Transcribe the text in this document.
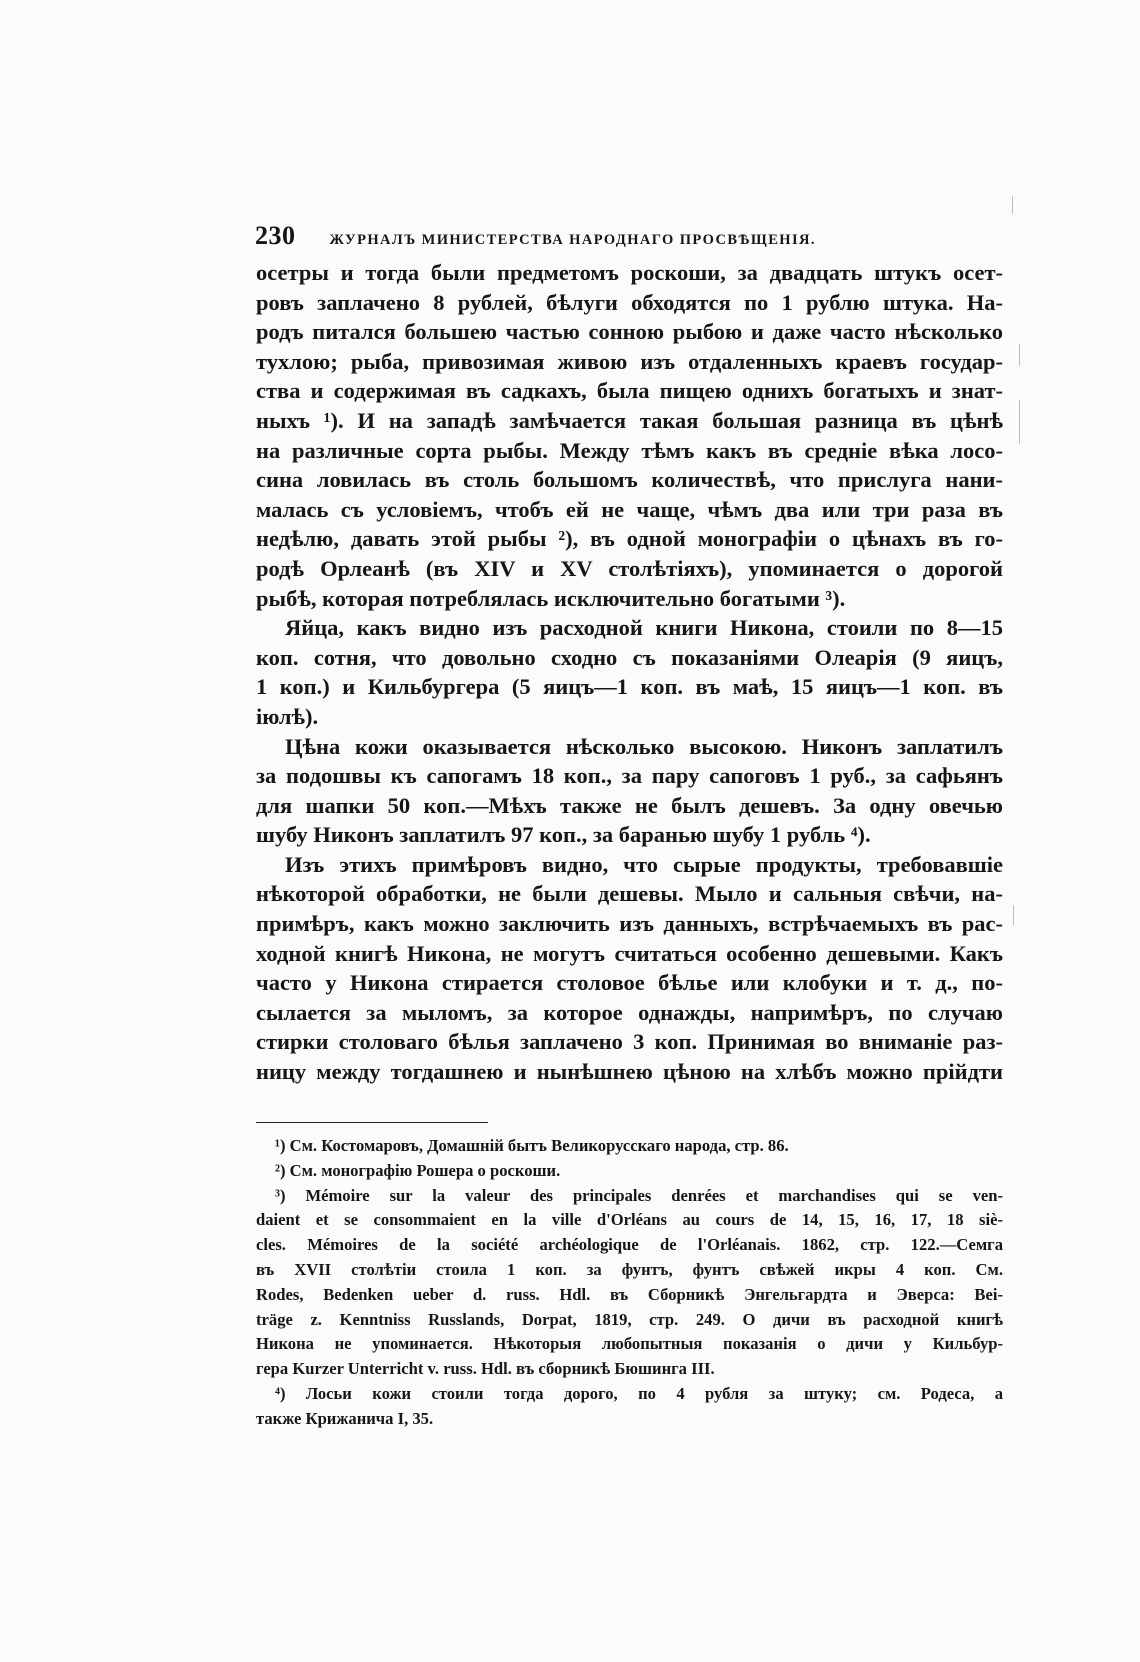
230 ЖУРНАЛЪ МИНИСТЕРСТВА НАРОДНАГО ПРОСВѢЩЕНІЯ.
осетры и тогда были предметомъ роскоши, за двадцать штукъ осет-
ровъ заплачено 8 рублей, бѣлуги обходятся по 1 рублю штука. На-
родъ питался большею частью сонною рыбою и даже часто нѣсколько
тухлою; рыба, привозимая живою изъ отдаленныхъ краевъ государ-
ства и содержимая въ садкахъ, была пищею однихъ богатыхъ и знат-
ныхъ ¹). И на западѣ замѣчается такая большая разница въ цѣнѣ
на различные сорта рыбы. Между тѣмъ какъ въ средніе вѣка лосо-
сина ловилась въ столь большомъ количествѣ, что прислуга нани-
малась съ условіемъ, чтобъ ей не чаще, чѣмъ два или три раза въ
недѣлю, давать этой рыбы ²), въ одной монографіи о цѣнахъ въ го-
родѣ Орлеанѣ (въ XIV и XV столѣтіяхъ), упоминается о дорогой
рыбѣ, которая потреблялась исключительно богатыми ³).
Яйца, какъ видно изъ расходной книги Никона, стоили по 8—15
коп. сотня, что довольно сходно съ показаніями Олеарія (9 яицъ,
1 коп.) и Кильбургера (5 яицъ—1 коп. въ маѣ, 15 яицъ—1 коп. въ
іюлѣ).
Цѣна кожи оказывается нѣсколько высокою. Никонъ заплатилъ
за подошвы къ сапогамъ 18 коп., за пару сапоговъ 1 руб., за сафьянъ
для шапки 50 коп.—Мѣхъ также не былъ дешевъ. За одну овечью
шубу Никонъ заплатилъ 97 коп., за баранью шубу 1 рубль ⁴).
Изъ этихъ примѣровъ видно, что сырые продукты, требовавшіе
нѣкоторой обработки, не были дешевы. Мыло и сальныя свѣчи, на-
примѣръ, какъ можно заключить изъ данныхъ, встрѣчаемыхъ въ рас-
ходной книгѣ Никона, не могутъ считаться особенно дешевыми. Какъ
часто у Никона стирается столовое бѣлье или клобуки и т. д., по-
сылается за мыломъ, за которое однажды, напримѣръ, по случаю
стирки столоваго бѣлья заплачено 3 коп. Принимая во вниманіе раз-
ницу между тогдашнею и нынѣшнею цѣною на хлѣбъ можно прійдти
¹) См. Костомаровъ, Домашній бытъ Великорусскаго народа, стр. 86.
²) См. монографію Рошера о роскоши.
³) Mémoire sur la valeur des principales denrées et marchandises qui se ven-
daient et se consommaient en la ville d'Orléans au cours de 14, 15, 16, 17, 18 siè-
cles. Mémoires de la société archéologique de l'Orléanais. 1862, стр. 122.—Семга
въ XVII столѣтіи стоила 1 коп. за фунтъ, фунтъ свѣжей икры 4 коп. См.
Rodes, Bedenken ueber d. russ. Hdl. въ Сборникѣ Энгельгардта и Эверса: Bei-
träge z. Kenntniss Russlands, Dorpat, 1819, стр. 249. О дичи въ расходной книгѣ
Никона не упоминается. Нѣкоторыя любопытныя показанія о дичи у Кильбур-
гера Kurzer Unterricht v. russ. Hdl. въ сборникѣ Бюшинга III.
⁴) Лосьи кожи стоили тогда дорого, по 4 рубля за штуку; см. Родеса, а
также Крижанича I, 35.
